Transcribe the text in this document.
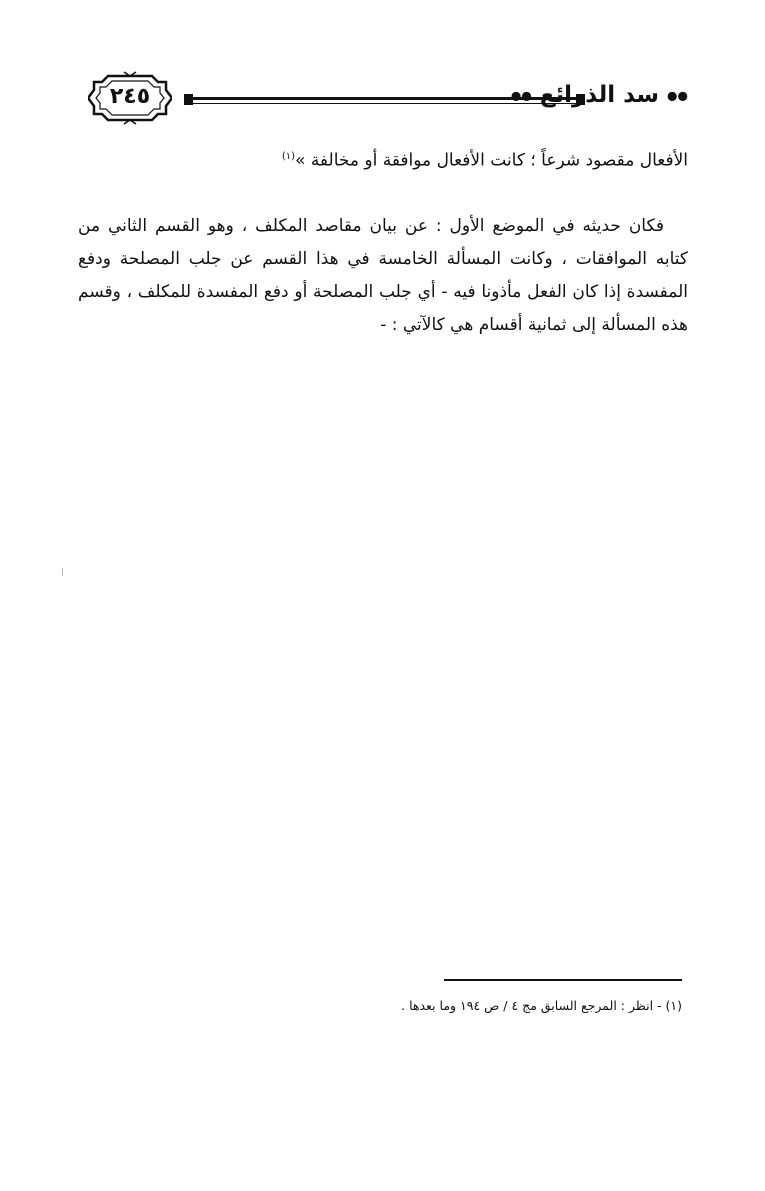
٢٤٥	●● سد الذرائع ●●
الأفعال مقصود شرعاً ؛ كانت الأفعال موافقة أو مخالفة »$^{(١)}$
فكان حديثه في الموضع الأول : عن بيان مقاصد المكلف ، وهو القسم الثاني من
كتابه الموافقات ، وكانت المسألة الخامسة في هذا القسم عن جلب المصلحة ودفع
المفسدة إذا كان الفعل مأذونا فيه - أي جلب المصلحة أو دفع المفسدة للمكلف ، وقسم
هذه المسألة إلى ثمانية أقسام هي كالآتي : -
(١) - انظر : المرجع السابق مج ٤ / ص ١٩٤ وما بعدها .
